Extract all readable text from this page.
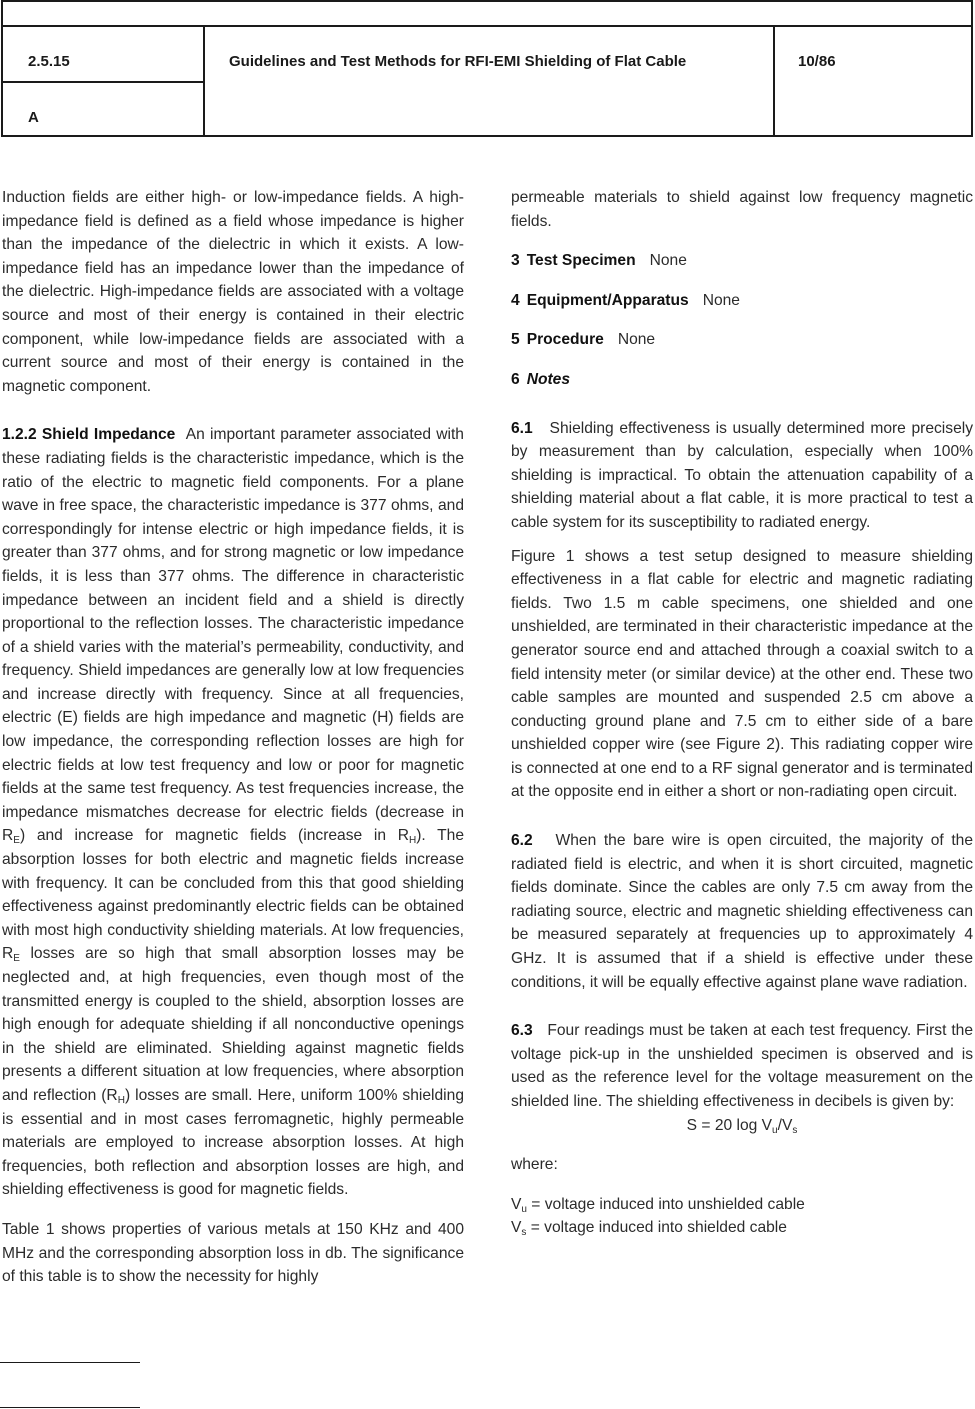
2.5.15
A
Guidelines and Test Methods for RFI-EMI Shielding of Flat Cable	10/86

Induction fields are either high- or low-impedance fields. A high-impedance field is defined as a field whose impedance is higher than the impedance of the dielectric in which it exists. A low-impedance field has an impedance lower than the impedance of the dielectric. High-impedance fields are associated with a voltage source and most of their energy is contained in their electric component, while low-impedance fields are associated with a current source and most of their energy is contained in the magnetic component.

1.2.2 Shield Impedance An important parameter associated with these radiating fields is the characteristic impedance, which is the ratio of the electric to magnetic field components. For a plane wave in free space, the characteristic impedance is 377 ohms, and correspondingly for intense electric or high impedance fields, it is greater than 377 ohms, and for strong magnetic or low impedance fields, it is less than 377 ohms. The difference in characteristic impedance between an incident field and a shield is directly proportional to the reflection losses. The characteristic impedance of a shield varies with the material’s permeability, conductivity, and frequency. Shield impedances are generally low at low frequencies and increase directly with frequency. Since at all frequencies, electric (E) fields are high impedance and magnetic (H) fields are low impedance, the corresponding reflection losses are high for electric fields at low test frequency and low or poor for magnetic fields at the same test frequency. As test frequencies increase, the impedance mismatches decrease for electric fields (decrease in $R_E$) and increase for magnetic fields (increase in $R_H$). The absorption losses for both electric and magnetic fields increase with frequency. It can be concluded from this that good shielding effectiveness against predominantly electric fields can be obtained with most high conductivity shielding materials. At low frequencies, $R_E$ losses are so high that small absorption losses may be neglected and, at high frequencies, even though most of the transmitted energy is coupled to the shield, absorption losses are high enough for adequate shielding if all nonconductive openings in the shield are eliminated. Shielding against magnetic fields presents a different situation at low frequencies, where absorption and reflection $(R_H)$ losses are small. Here, uniform 100% shielding is essential and in most cases ferromagnetic, highly permeable materials are employed to increase absorption losses. At high frequencies, both reflection and absorption losses are high, and shielding effectiveness is good for magnetic fields.

Table 1 shows properties of various metals at 150 KHz and 400 MHz and the corresponding absorption loss in db. The significance of this table is to show the necessity for highly

permeable materials to shield against low frequency magnetic fields.

3 Test Specimen None

4 Equipment/Apparatus None

5 Procedure None

6 Notes

6.1 Shielding effectiveness is usually determined more precisely by measurement than by calculation, especially when 100% shielding is impractical. To obtain the attenuation capability of a shielding material about a flat cable, it is more practical to test a cable system for its susceptibility to radiated energy.

Figure 1 shows a test setup designed to measure shielding effectiveness in a flat cable for electric and magnetic radiating fields. Two 1.5 m cable specimens, one shielded and one unshielded, are terminated in their characteristic impedance at the generator source end and attached through a coaxial switch to a field intensity meter (or similar device) at the other end. These two cable samples are mounted and suspended 2.5 cm above a conducting ground plane and 7.5 cm to either side of a bare unshielded copper wire (see Figure 2). This radiating copper wire is connected at one end to a RF signal generator and is terminated at the opposite end in either a short or non-radiating open circuit.

6.2 When the bare wire is open circuited, the majority of the radiated field is electric, and when it is short circuited, magnetic fields dominate. Since the cables are only 7.5 cm away from the radiating source, electric and magnetic shielding effectiveness can be measured separately at frequencies up to approximately 4 GHz. It is assumed that if a shield is effective under these conditions, it will be equally effective against plane wave radiation.

6.3 Four readings must be taken at each test frequency. First the voltage pick-up in the unshielded specimen is observed and is used as the reference level for the voltage measurement on the shielded line. The shielding effectiveness in decibels is given by:

S = 20 $\log V_u/V_s$

where:

$V_u$ = voltage induced into unshielded cable

$V_s$ = voltage induced into shielded cable
